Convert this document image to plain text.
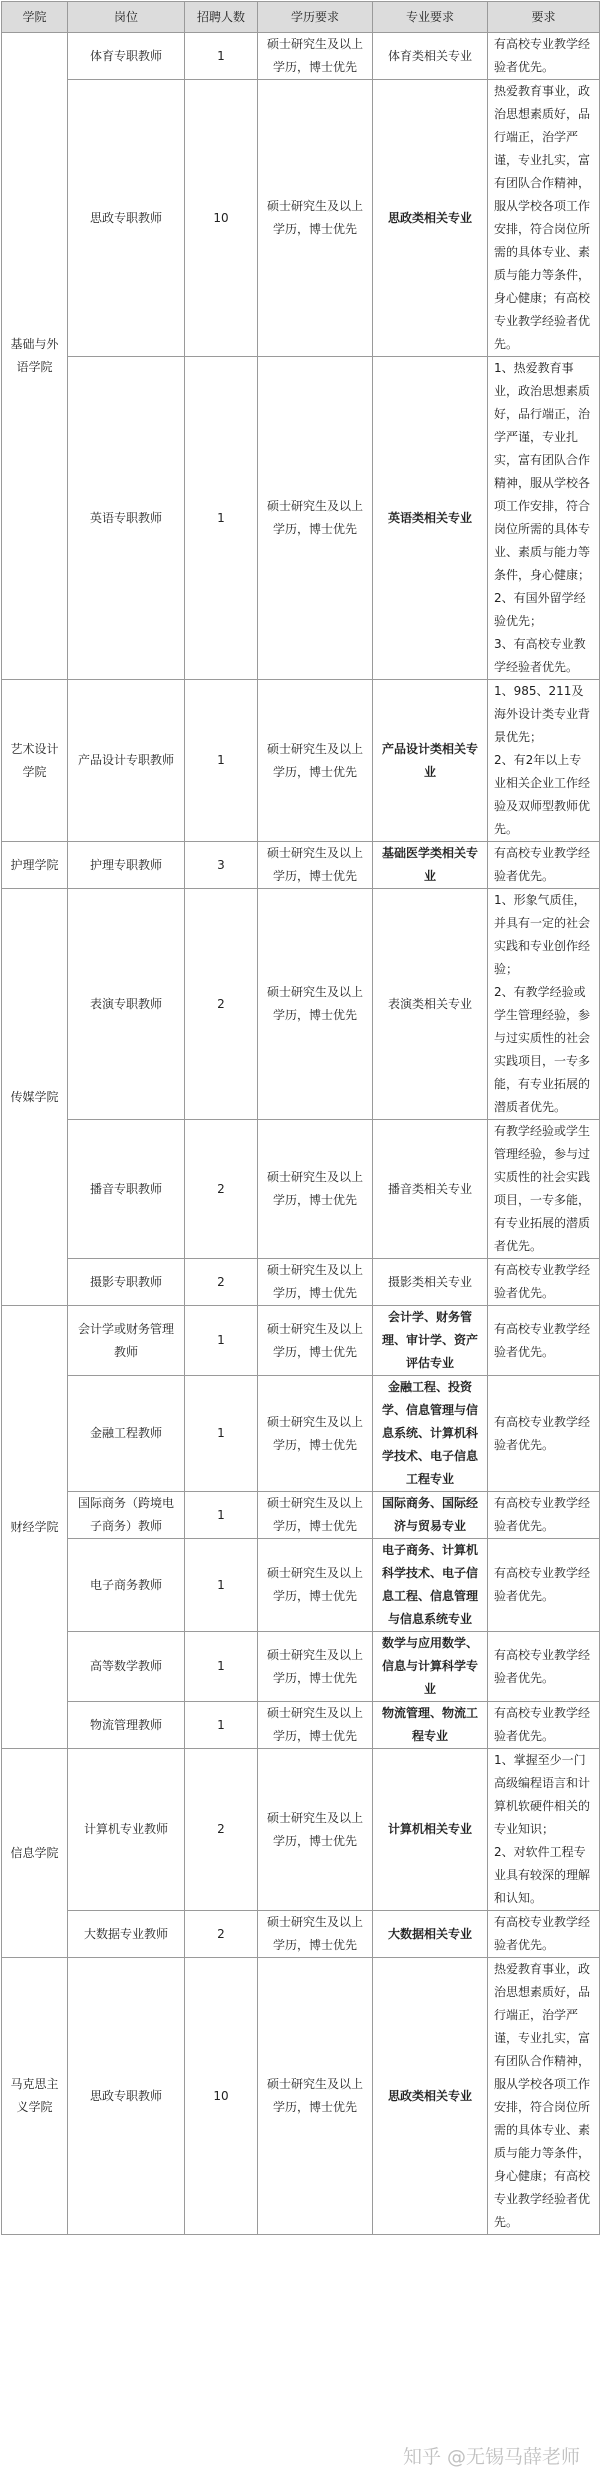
学院	岗位	招聘人数	学历要求	专业要求	要求
基础与外语学院	体育专职教师	1	硕士研究生及以上学历，博士优先	体育类相关专业	有高校专业教学经验者优先。
	思政专职教师	10	硕士研究生及以上学历，博士优先	思政类相关专业	热爱教育事业，政治思想素质好，品行端正，治学严谨，专业扎实，富有团队合作精神，服从学校各项工作安排，符合岗位所需的具体专业、素质与能力等条件，身心健康；有高校专业教学经验者优先。
	英语专职教师	1	硕士研究生及以上学历，博士优先	英语类相关专业	1、热爱教育事业，政治思想素质好，品行端正，治学严谨，专业扎实，富有团队合作精神，服从学校各项工作安排，符合岗位所需的具体专业、素质与能力等条件，身心健康；
2、有国外留学经验优先；
3、有高校专业教学经验者优先。
艺术设计学院	产品设计专职教师	1	硕士研究生及以上学历，博士优先	产品设计类相关专业	1、985、211及海外设计类专业背景优先；
2、有2年以上专业相关企业工作经验及双师型教师优先。
护理学院	护理专职教师	3	硕士研究生及以上学历，博士优先	基础医学类相关专业	有高校专业教学经验者优先。
传媒学院	表演专职教师	2	硕士研究生及以上学历，博士优先	表演类相关专业	1、形象气质佳，并具有一定的社会实践和专业创作经验；
2、有教学经验或学生管理经验，参与过实质性的社会实践项目，一专多能，有专业拓展的潜质者优先。
	播音专职教师	2	硕士研究生及以上学历，博士优先	播音类相关专业	有教学经验或学生管理经验，参与过实质性的社会实践项目，一专多能，有专业拓展的潜质者优先。
	摄影专职教师	2	硕士研究生及以上学历，博士优先	摄影类相关专业	有高校专业教学经验者优先。
财经学院	会计学或财务管理教师	1	硕士研究生及以上学历，博士优先	会计学、财务管理、审计学、资产评估专业	有高校专业教学经验者优先。
	金融工程教师	1	硕士研究生及以上学历，博士优先	金融工程、投资学、信息管理与信息系统、计算机科学技术、电子信息工程专业	有高校专业教学经验者优先。
	国际商务（跨境电子商务）教师	1	硕士研究生及以上学历，博士优先	国际商务、国际经济与贸易专业	有高校专业教学经验者优先。
	电子商务教师	1	硕士研究生及以上学历，博士优先	电子商务、计算机科学技术、电子信息工程、信息管理与信息系统专业	有高校专业教学经验者优先。
	高等数学教师	1	硕士研究生及以上学历，博士优先	数学与应用数学、信息与计算科学专业	有高校专业教学经验者优先。
	物流管理教师	1	硕士研究生及以上学历，博士优先	物流管理、物流工程专业	有高校专业教学经验者优先。
信息学院	计算机专业教师	2	硕士研究生及以上学历，博士优先	计算机相关专业	1、掌握至少一门高级编程语言和计算机软硬件相关的专业知识；
2、对软件工程专业具有较深的理解和认知。
	大数据专业教师	2	硕士研究生及以上学历，博士优先	大数据相关专业	有高校专业教学经验者优先。
马克思主义学院	思政专职教师	10	硕士研究生及以上学历，博士优先	思政类相关专业	热爱教育事业，政治思想素质好，品行端正，治学严谨，专业扎实，富有团队合作精神，服从学校各项工作安排，符合岗位所需的具体专业、素质与能力等条件，身心健康；有高校专业教学经验者优先。
知乎 @无锡马薛老师
